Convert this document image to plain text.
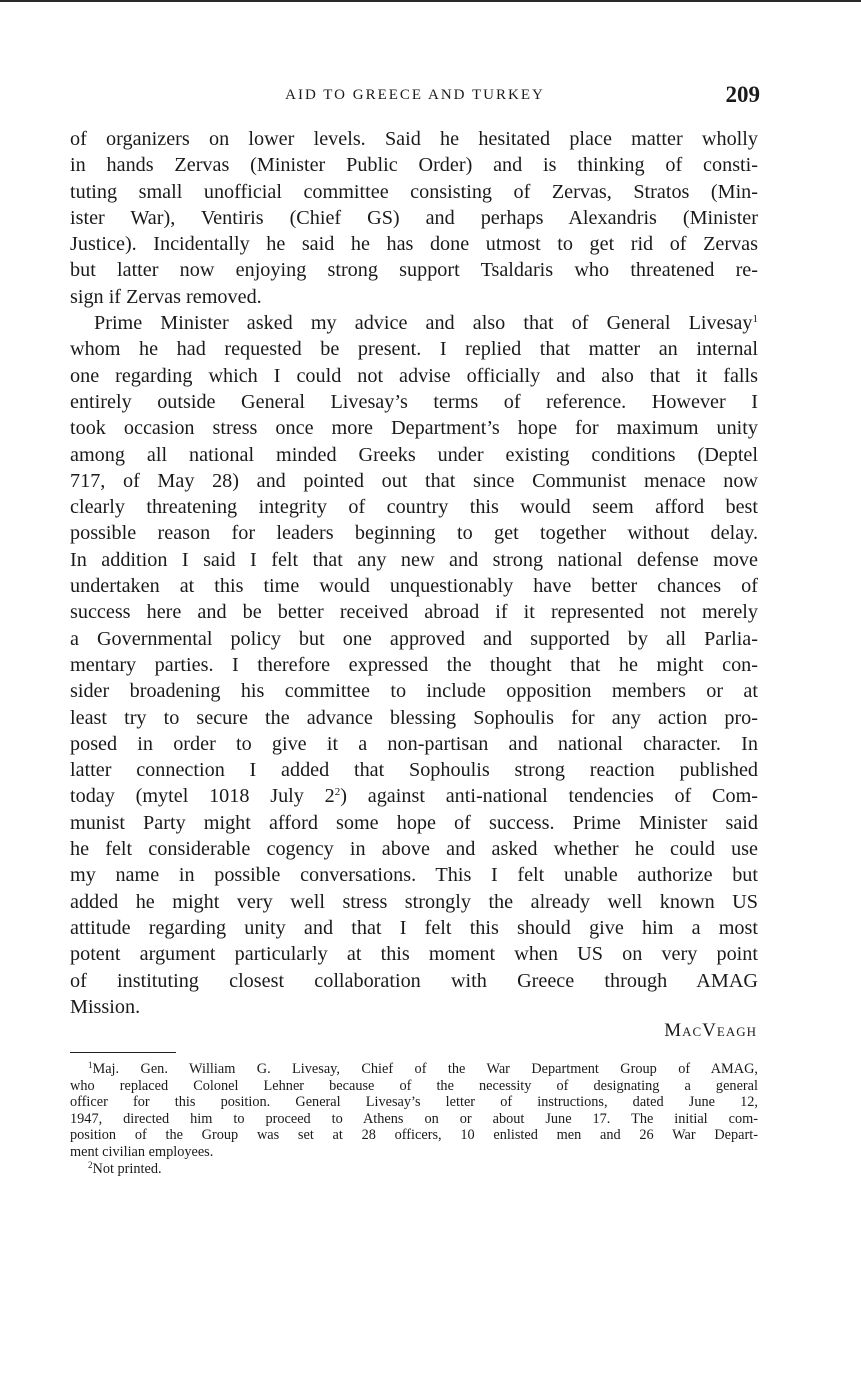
AID TO GREECE AND TURKEY	209
of organizers on lower levels. Said he hesitated place matter wholly
in hands Zervas (Minister Public Order) and is thinking of consti-
tuting small unofficial committee consisting of Zervas, Stratos (Min-
ister War), Ventiris (Chief GS) and perhaps Alexandris (Minister
Justice). Incidentally he said he has done utmost to get rid of Zervas
but latter now enjoying strong support Tsaldaris who threatened re-
sign if Zervas removed.
Prime Minister asked my advice and also that of General Livesay$^1$
whom he had requested be present. I replied that matter an internal
one regarding which I could not advise officially and also that it falls
entirely outside General Livesay’s terms of reference. However I
took occasion stress once more Department’s hope for maximum unity
among all national minded Greeks under existing conditions (Deptel
717, of May 28) and pointed out that since Communist menace now
clearly threatening integrity of country this would seem afford best
possible reason for leaders beginning to get together without delay.
In addition I said I felt that any new and strong national defense move
undertaken at this time would unquestionably have better chances of
success here and be better received abroad if it represented not merely
a Governmental policy but one approved and supported by all Parlia-
mentary parties. I therefore expressed the thought that he might con-
sider broadening his committee to include opposition members or at
least try to secure the advance blessing Sophoulis for any action pro-
posed in order to give it a non-partisan and national character. In
latter connection I added that Sophoulis strong reaction published
today (mytel 1018 July $2^2$) against anti-national tendencies of Com-
munist Party might afford some hope of success. Prime Minister said
he felt considerable cogency in above and asked whether he could use
my name in possible conversations. This I felt unable authorize but
added he might very well stress strongly the already well known US
attitude regarding unity and that I felt this should give him a most
potent argument particularly at this moment when US on very point
of instituting closest collaboration with Greece through AMAG
Mission.
MacVeagh
$^1$Maj. Gen. William G. Livesay, Chief of the War Department Group of AMAG,
who replaced Colonel Lehner because of the necessity of designating a general
officer for this position. General Livesay’s letter of instructions, dated June 12,
1947, directed him to proceed to Athens on or about June 17. The initial com-
position of the Group was set at 28 officers, 10 enlisted men and 26 War Depart-
ment civilian employees.
$^2$Not printed.
